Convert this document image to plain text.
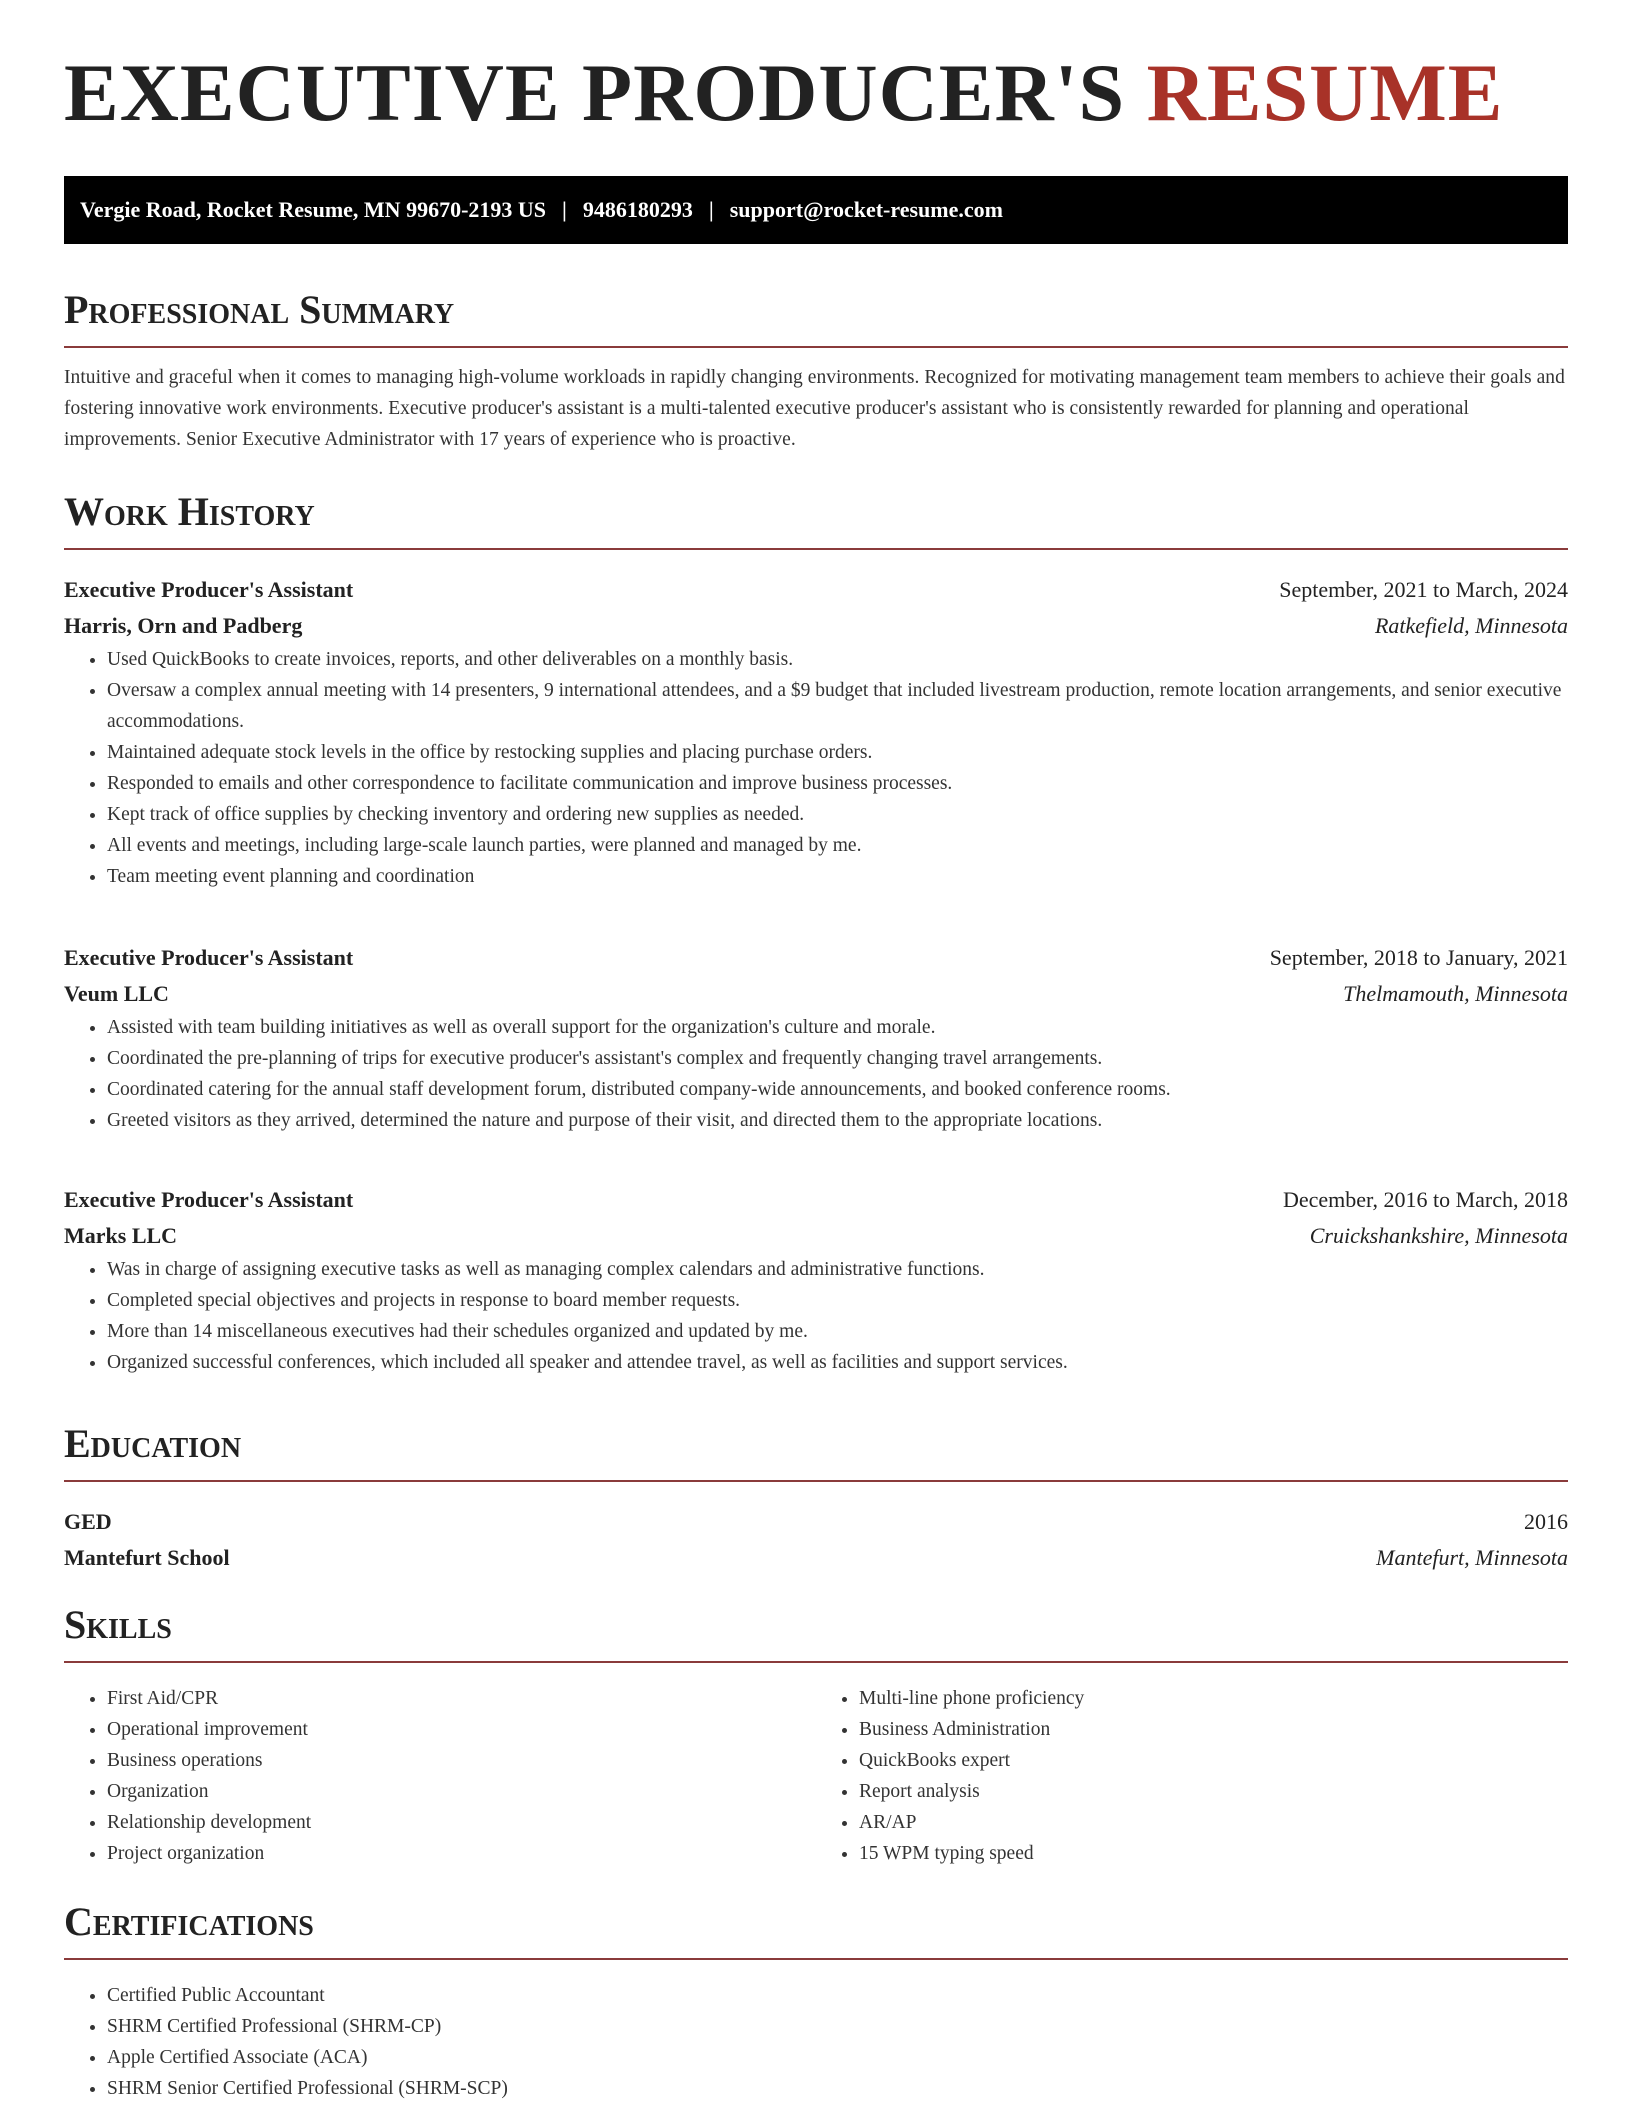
EXECUTIVE PRODUCER'S RESUME
Vergie Road, Rocket Resume, MN 99670-2193 US | 9486180293 | support@rocket-resume.com
Professional Summary

Intuitive and graceful when it comes to managing high-volume workloads in rapidly changing environments. Recognized for motivating management team members to achieve their goals and fostering innovative work environments. Executive producer's assistant is a multi-talented executive producer's assistant who is consistently rewarded for planning and operational improvements. Senior Executive Administrator with 17 years of experience who is proactive.

Work History
Executive Producer's Assistant	September, 2021 to March, 2024
Harris, Orn and Padberg	Ratkefield, Minnesota
• Used QuickBooks to create invoices, reports, and other deliverables on a monthly basis.
• Oversaw a complex annual meeting with 14 presenters, 9 international attendees, and a $9 budget that included livestream production, remote location arrangements, and senior executive accommodations.
• Maintained adequate stock levels in the office by restocking supplies and placing purchase orders.
• Responded to emails and other correspondence to facilitate communication and improve business processes.
• Kept track of office supplies by checking inventory and ordering new supplies as needed.
• All events and meetings, including large-scale launch parties, were planned and managed by me.
• Team meeting event planning and coordination
Executive Producer's Assistant	September, 2018 to January, 2021
Veum LLC	Thelmamouth, Minnesota
• Assisted with team building initiatives as well as overall support for the organization's culture and morale.
• Coordinated the pre-planning of trips for executive producer's assistant's complex and frequently changing travel arrangements.
• Coordinated catering for the annual staff development forum, distributed company-wide announcements, and booked conference rooms.
• Greeted visitors as they arrived, determined the nature and purpose of their visit, and directed them to the appropriate locations.
Executive Producer's Assistant	December, 2016 to March, 2018
Marks LLC	Cruickshankshire, Minnesota
• Was in charge of assigning executive tasks as well as managing complex calendars and administrative functions.
• Completed special objectives and projects in response to board member requests.
• More than 14 miscellaneous executives had their schedules organized and updated by me.
• Organized successful conferences, which included all speaker and attendee travel, as well as facilities and support services.
Education
GED	2016
Mantefurt School	Mantefurt, Minnesota
Skills
• First Aid/CPR
• Operational improvement
• Business operations
• Organization
• Relationship development
• Project organization
• Multi-line phone proficiency
• Business Administration
• QuickBooks expert
• Report analysis
• AR/AP
• 15 WPM typing speed
Certifications
• Certified Public Accountant
• SHRM Certified Professional (SHRM-CP)
• Apple Certified Associate (ACA)
• SHRM Senior Certified Professional (SHRM-SCP)
